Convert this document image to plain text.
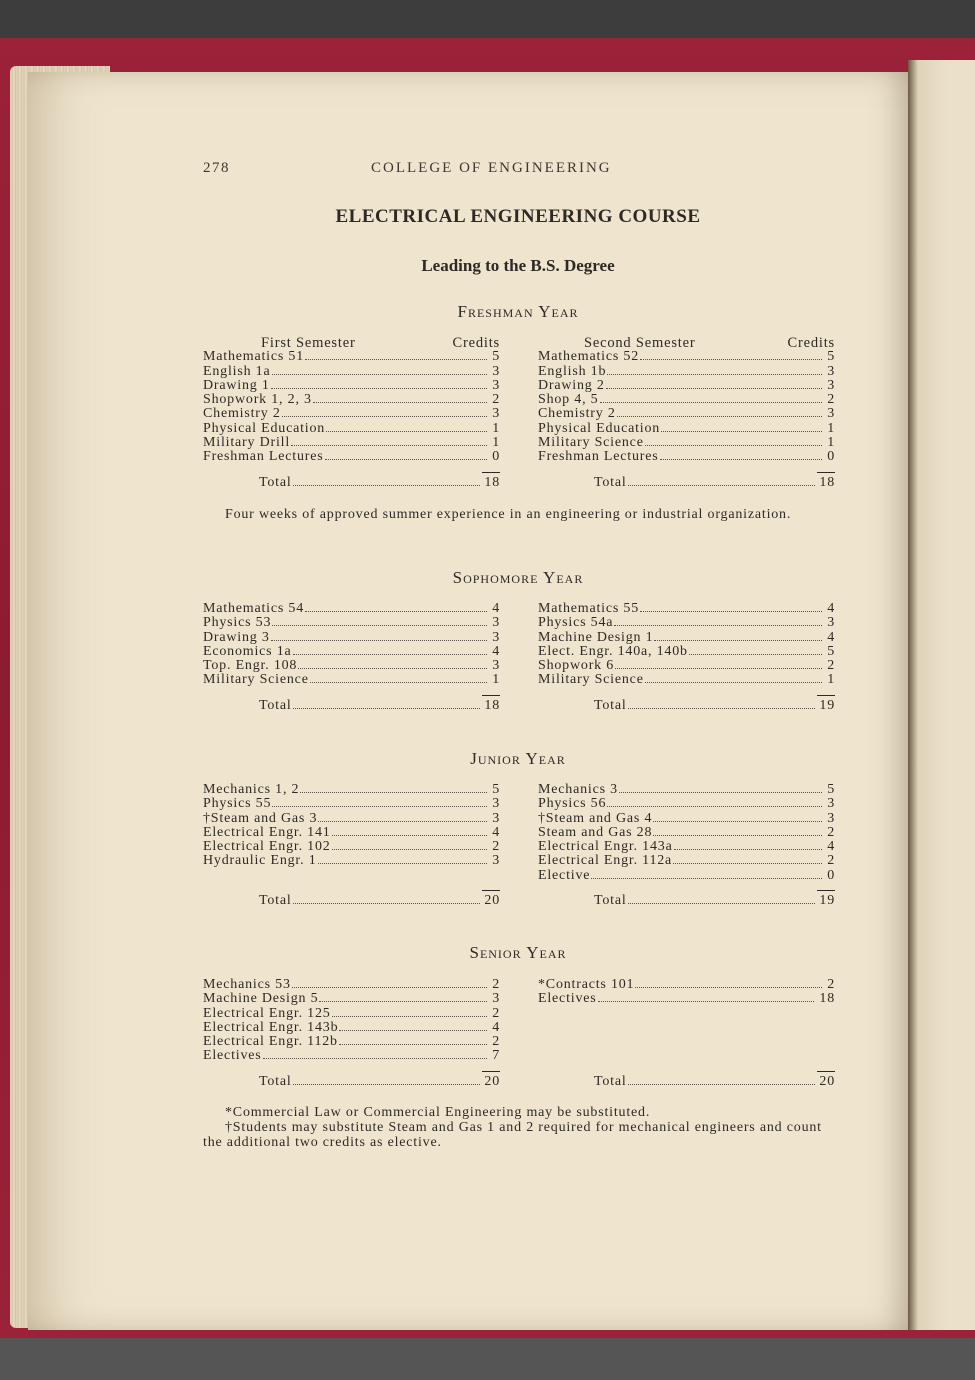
278	COLLEGE OF ENGINEERING
ELECTRICAL ENGINEERING COURSE
Leading to the B.S. Degree
Freshman Year
First Semester	Credits
Mathematics 51	5
English 1a	3
Drawing 1	3
Shopwork 1, 2, 3	2
Chemistry 2	3
Physical Education	1
Military Drill	1
Freshman Lectures	0
Total	18
Second Semester	Credits
Mathematics 52	5
English 1b	3
Drawing 2	3
Shop 4, 5	2
Chemistry 2	3
Physical Education	1
Military Science	1
Freshman Lectures	0
Total	18
Four weeks of approved summer experience in an engineering or industrial organization.
Sophomore Year
Mathematics 54	4
Physics 53	3
Drawing 3	3
Economics 1a	4
Top. Engr. 108	3
Military Science	1
Total	18
Mathematics 55	4
Physics 54a	3
Machine Design 1	4
Elect. Engr. 140a, 140b	5
Shopwork 6	2
Military Science	1
Total	19
Junior Year
Mechanics 1, 2	5
Physics 55	3
†Steam and Gas 3	3
Electrical Engr. 141	4
Electrical Engr. 102	2
Hydraulic Engr. 1	3
Total	20
Mechanics 3	5
Physics 56	3
†Steam and Gas 4	3
Steam and Gas 28	2
Electrical Engr. 143a	4
Electrical Engr. 112a	2
Elective	0
Total	19
Senior Year
Mechanics 53	2
Machine Design 5	3
Electrical Engr. 125	2
Electrical Engr. 143b	4
Electrical Engr. 112b	2
Electives	7
Total	20
*Contracts 101	2
Electives	18
Total	20
*Commercial Law or Commercial Engineering may be substituted.
†Students may substitute Steam and Gas 1 and 2 required for mechanical engineers and count the additional two credits as elective.
